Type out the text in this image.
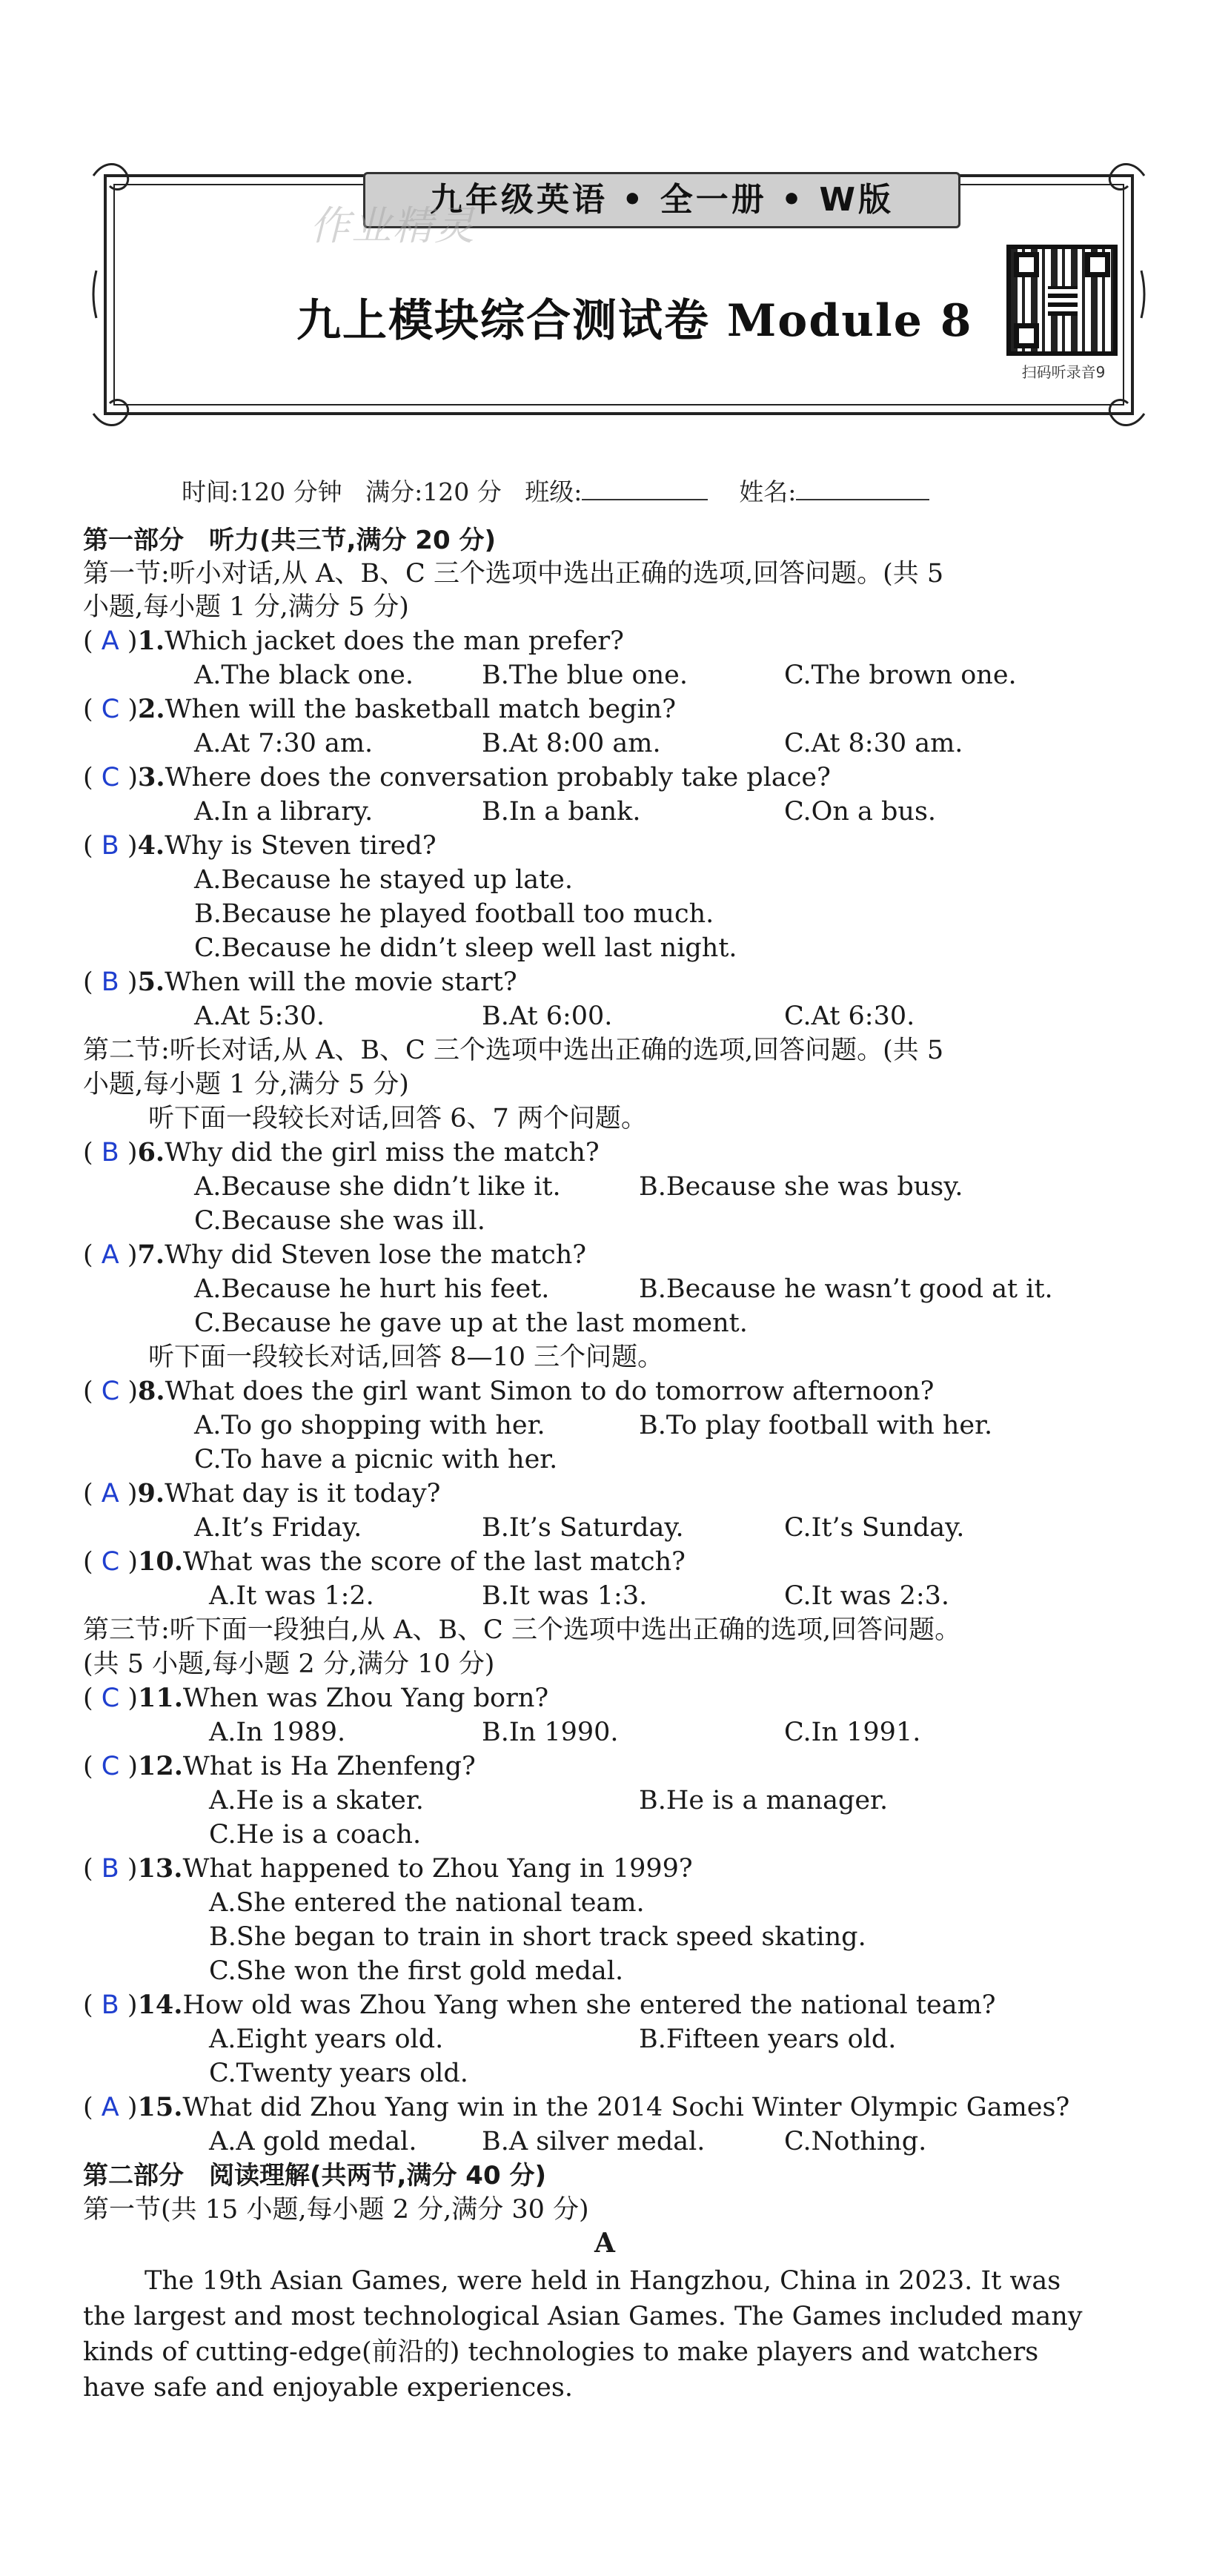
九年级英语 • 全一册 • W版
作业精灵
九上模块综合测试卷 Module 8
扫码听录音9
时间:120 分钟 满分:120 分 班级:	姓名:
第一部分　听力(共三节,满分 20 分)
第一节:听小对话,从 A、B、C 三个选项中选出正确的选项,回答问题。(共 5
小题,每小题 1 分,满分 5 分)
( A )1.Which jacket does the man prefer?
A.The black one.	B.The blue one.	C.The brown one.
( C )2.When will the basketball match begin?
A.At 7:30 am.	B.At 8:00 am.	C.At 8:30 am.
( C )3.Where does the conversation probably take place?
A.In a library.	B.In a bank.	C.On a bus.
( B )4.Why is Steven tired?
A.Because he stayed up late.
B.Because he played football too much.
C.Because he didn’t sleep well last night.
( B )5.When will the movie start?
A.At 5:30.	B.At 6:00.	C.At 6:30.
第二节:听长对话,从 A、B、C 三个选项中选出正确的选项,回答问题。(共 5
小题,每小题 1 分,满分 5 分)
听下面一段较长对话,回答 6、7 两个问题。
( B )6.Why did the girl miss the match?
A.Because she didn’t like it.	B.Because she was busy.
C.Because she was ill.
( A )7.Why did Steven lose the match?
A.Because he hurt his feet.	B.Because he wasn’t good at it.
C.Because he gave up at the last moment.
听下面一段较长对话,回答 8—10 三个问题。
( C )8.What does the girl want Simon to do tomorrow afternoon?
A.To go shopping with her.	B.To play football with her.
C.To have a picnic with her.
( A )9.What day is it today?
A.It’s Friday.	B.It’s Saturday.	C.It’s Sunday.
( C )10.What was the score of the last match?
A.It was 1:2.	B.It was 1:3.	C.It was 2:3.
第三节:听下面一段独白,从 A、B、C 三个选项中选出正确的选项,回答问题。
(共 5 小题,每小题 2 分,满分 10 分)
( C )11.When was Zhou Yang born?
A.In 1989.	B.In 1990.	C.In 1991.
( C )12.What is Ha Zhenfeng?
A.He is a skater.	B.He is a manager.
C.He is a coach.
( B )13.What happened to Zhou Yang in 1999?
A.She entered the national team.
B.She began to train in short track speed skating.
C.She won the first gold medal.
( B )14.How old was Zhou Yang when she entered the national team?
A.Eight years old.	B.Fifteen years old.
C.Twenty years old.
( A )15.What did Zhou Yang win in the 2014 Sochi Winter Olympic Games?
A.A gold medal.	B.A silver medal.	C.Nothing.
第二部分　阅读理解(共两节,满分 40 分)
第一节(共 15 小题,每小题 2 分,满分 30 分)
A
The 19th Asian Games, were held in Hangzhou, China in 2023. It was
the largest and most technological Asian Games. The Games included many
kinds of cutting-edge(前沿的) technologies to make players and watchers
have safe and enjoyable experiences.
